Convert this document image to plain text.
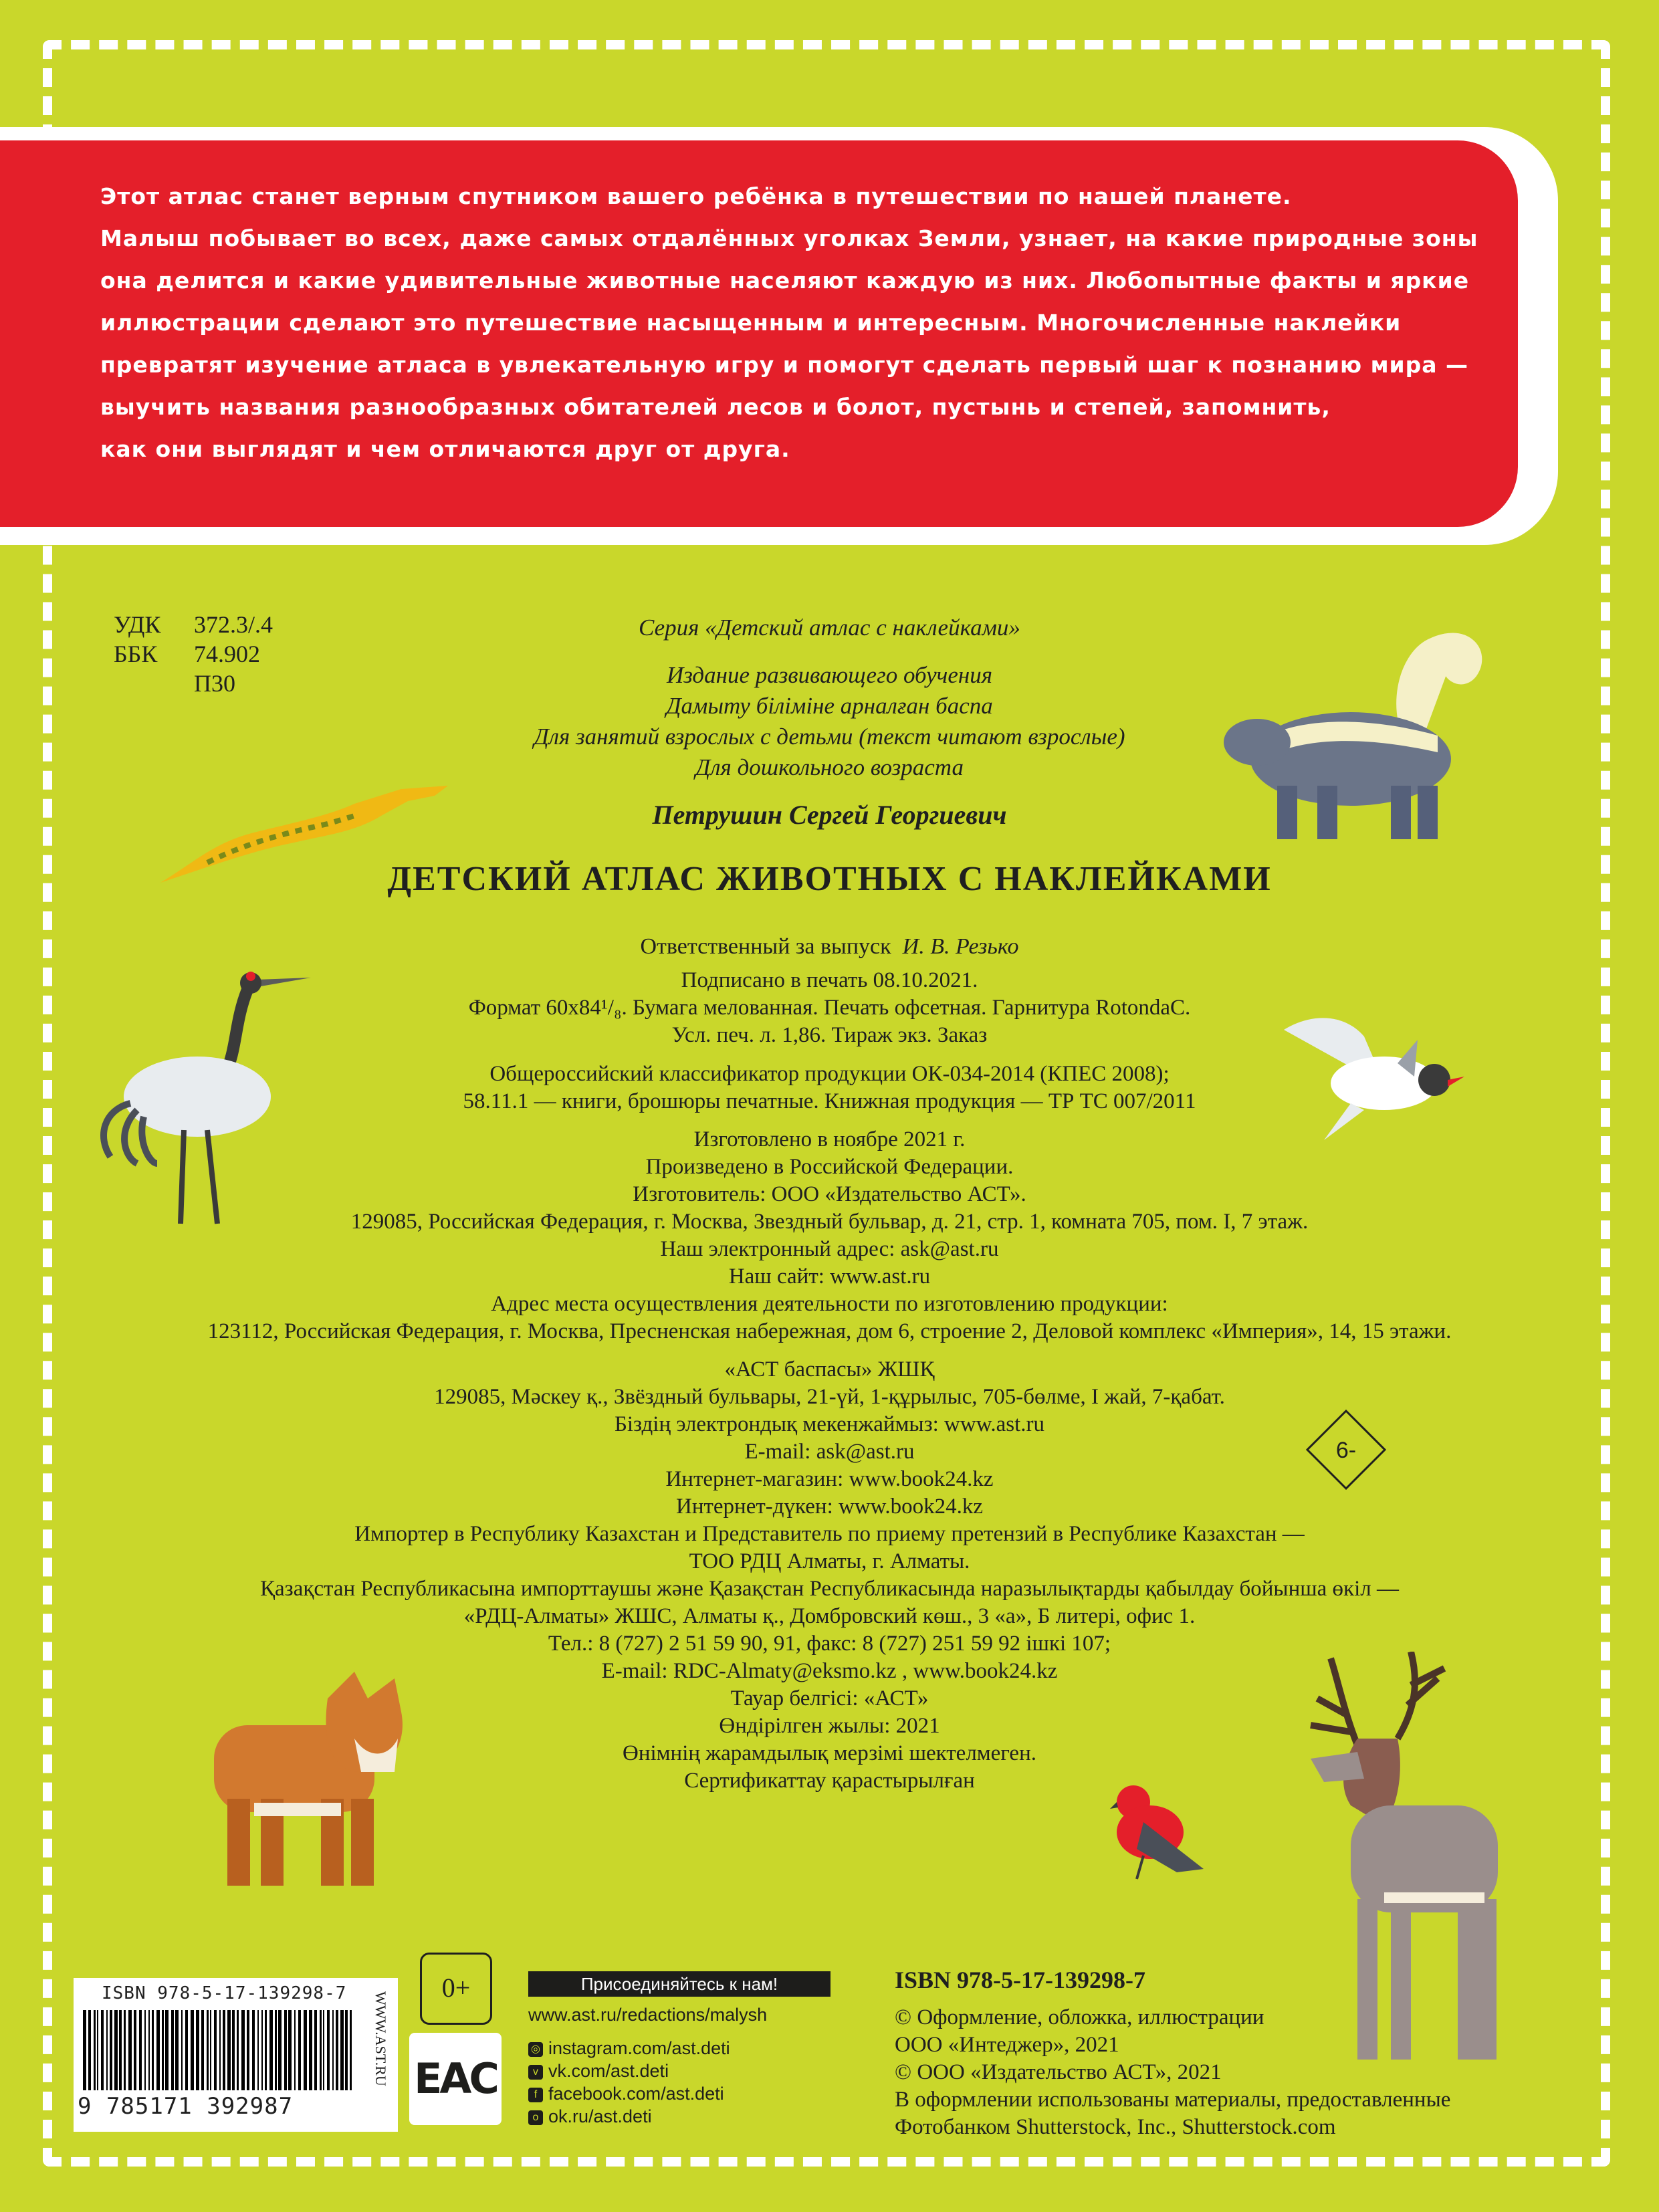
Этот атлас станет верным спутником вашего ребёнка в путешествии по нашей планете.
Малыш побывает во всех, даже самых отдалённых уголках Земли, узнает, на какие природные зоны
она делится и какие удивительные животные населяют каждую из них. Любопытные факты и яркие
иллюстрации сделают это путешествие насыщенным и интересным. Многочисленные наклейки
превратят изучение атласа в увлекательную игру и помогут сделать первый шаг к познанию мира —
выучить названия разнообразных обитателей лесов и болот, пустынь и степей, запомнить,
как они выглядят и чем отличаются друг от друга.
УДК 372.3/.4
ББК 74.902
П30
Серия «Детский атлас с наклейками»
Издание развивающего обучения
Дамыту біліміне арналған баспа
Для занятий взрослых с детьми (текст читают взрослые)
Для дошкольного возраста
Петрушин Сергей Георгиевич
ДЕТСКИЙ АТЛАС ЖИВОТНЫХ С НАКЛЕЙКАМИ
Ответственный за выпуск И. В. Резько
Подписано в печать 08.10.2021.
Формат 60x84¹/₈. Бумага мелованная. Печать офсетная. Гарнитура RotondaC.
Усл. печ. л. 1,86. Тираж экз. Заказ
Общероссийский классификатор продукции ОК-034-2014 (КПЕС 2008);
58.11.1 — книги, брошюры печатные. Книжная продукция — ТР ТС 007/2011
Изготовлено в ноябре 2021 г.
Произведено в Российской Федерации.
Изготовитель: ООО «Издательство АСТ».
129085, Российская Федерация, г. Москва, Звездный бульвар, д. 21, стр. 1, комната 705, пом. I, 7 этаж.
Наш электронный адрес: ask@ast.ru
Наш сайт: www.ast.ru
Адрес места осуществления деятельности по изготовлению продукции:
123112, Российская Федерация, г. Москва, Пресненская набережная, дом 6, строение 2, Деловой комплекс «Империя», 14, 15 этажи.
«АСТ баспасы» ЖШҚ
129085, Мәскеу қ., Звёздный бульвары, 21-үй, 1-құрылыс, 705-бөлме, I жай, 7-қабат.
Біздің электрондық мекенжаймыз: www.ast.ru
E-mail: ask@ast.ru
Интернет-магазин: www.book24.kz
Интернет-дүкен: www.book24.kz
Импортер в Республику Казахстан и Представитель по приему претензий в Республике Казахстан —
ТОО РДЦ Алматы, г. Алматы.
Қазақстан Республикасына импорттаушы және Қазақстан Республикасында наразылықтарды қабылдау бойынша өкіл —
«РДЦ-Алматы» ЖШС, Алматы қ., Домбровский көш., 3 «а», Б литері, офис 1.
Тел.: 8 (727) 2 51 59 90, 91, факс: 8 (727) 251 59 92 ішкі 107;
E-mail: RDC-Almaty@eksmo.kz , www.book24.kz
Тауар белгісі: «АСТ»
Өндірілген жылы: 2021
Өнімнің жарамдылық мерзімі шектелмеген.
Сертификаттау қарастырылған
6-
ISBN 978-5-17-139298-7
9 785171 392987
WWW.AST.RU
0+
EAC
Присоединяйтесь к нам!
www.ast.ru/redactions/malysh
◎ instagram.com/ast.deti
v vk.com/ast.deti
f facebook.com/ast.deti
o ok.ru/ast.deti
ISBN 978-5-17-139298-7
© Оформление, обложка, иллюстрации
ООО «Интеджер», 2021
© ООО «Издательство АСТ», 2021
В оформлении использованы материалы, предоставленные
Фотобанком Shutterstock, Inc., Shutterstock.com
